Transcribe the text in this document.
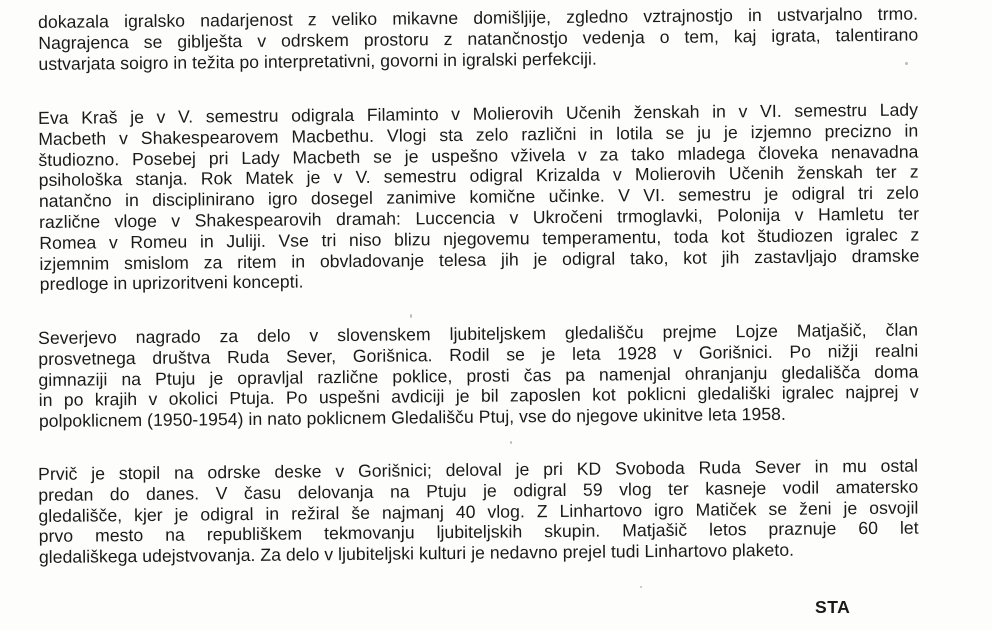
dokazala igralsko nadarjenost z veliko mikavne domišljije, zgledno vztrajnostjo in ustvarjalno trmo.
Nagrajenca se giblješta v odrskem prostoru z natančnostjo vedenja o tem, kaj igrata, talentirano
ustvarjata soigro in težita po interpretativni, govorni in igralski perfekciji.
Eva Kraš je v V. semestru odigrala Filaminto v Molierovih Učenih ženskah in v VI. semestru Lady
Macbeth v Shakespearovem Macbethu. Vlogi sta zelo različni in lotila se ju je izjemno precizno in
študiozno. Posebej pri Lady Macbeth se je uspešno vživela v za tako mladega človeka nenavadna
psihološka stanja. Rok Matek je v V. semestru odigral Krizalda v Molierovih Učenih ženskah ter z
natančno in disciplinirano igro dosegel zanimive komične učinke. V VI. semestru je odigral tri zelo
različne vloge v Shakespearovih dramah: Luccencia v Ukročeni trmoglavki, Polonija v Hamletu ter
Romea v Romeu in Juliji. Vse tri niso blizu njegovemu temperamentu, toda kot študiozen igralec z
izjemnim smislom za ritem in obvladovanje telesa jih je odigral tako, kot jih zastavljajo dramske
predloge in uprizoritveni koncepti.
Severjevo nagrado za delo v slovenskem ljubiteljskem gledališču prejme Lojze Matjašič, član
prosvetnega društva Ruda Sever, Gorišnica. Rodil se je leta 1928 v Gorišnici. Po nižji realni
gimnaziji na Ptuju je opravljal različne poklice, prosti čas pa namenjal ohranjanju gledališča doma
in po krajih v okolici Ptuja. Po uspešni avdiciji je bil zaposlen kot poklicni gledališki igralec najprej v
polpoklicnem (1950-1954) in nato poklicnem Gledališču Ptuj, vse do njegove ukinitve leta 1958.
Prvič je stopil na odrske deske v Gorišnici; deloval je pri KD Svoboda Ruda Sever in mu ostal
predan do danes. V času delovanja na Ptuju je odigral 59 vlog ter kasneje vodil amatersko
gledališče, kjer je odigral in režiral še najmanj 40 vlog. Z Linhartovo igro Matiček se ženi je osvojil
prvo mesto na republiškem tekmovanju ljubiteljskih skupin. Matjašič letos praznuje 60 let
gledališkega udejstvovanja. Za delo v ljubiteljski kulturi je nedavno prejel tudi Linhartovo plaketo.
STA
